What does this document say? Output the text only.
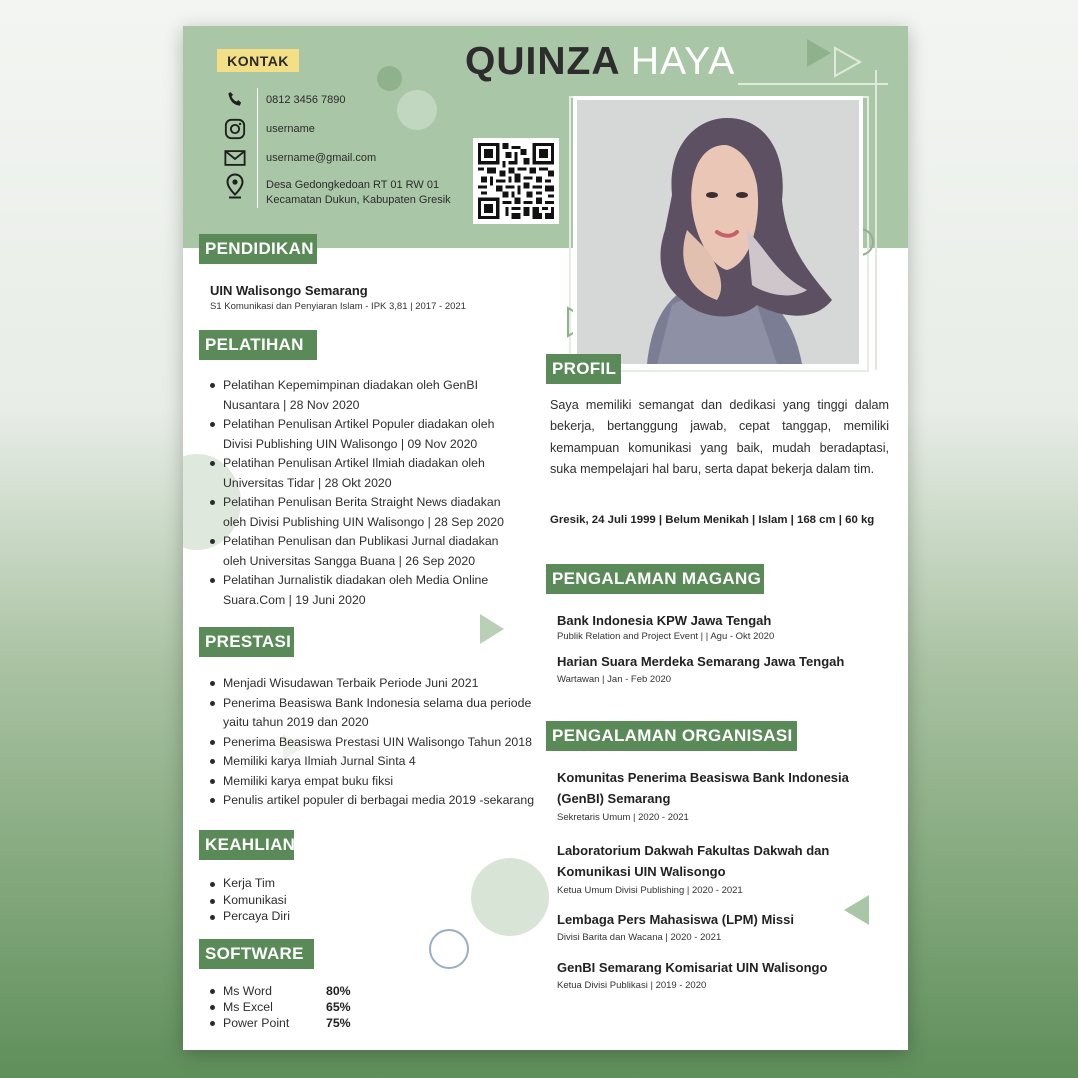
KONTAK	QUINZA HAYA
0812 3456 7890
username
username@gmail.com
Desa Gedongkedoan RT 01 RW 01
Kecamatan Dukun, Kabupaten Gresik
PENDIDIKAN
UIN Walisongo Semarang
S1 Komunikasi dan Penyiaran Islam - IPK 3,81 | 2017 - 2021
PELATIHAN
Pelatihan Kepemimpinan diadakan oleh GenBI
Nusantara | 28 Nov 2020
Pelatihan Penulisan Artikel Populer diadakan oleh
Divisi Publishing UIN Walisongo | 09 Nov 2020
Pelatihan Penulisan Artikel Ilmiah diadakan oleh
Universitas Tidar | 28 Okt 2020
Pelatihan Penulisan Berita Straight News diadakan
oleh Divisi Publishing UIN Walisongo | 28 Sep 2020
Pelatihan Penulisan dan Publikasi Jurnal diadakan
oleh Universitas Sangga Buana | 26 Sep 2020
Pelatihan Jurnalistik diadakan oleh Media Online
Suara.Com | 19 Juni 2020
PRESTASI
Menjadi Wisudawan Terbaik Periode Juni 2021
Penerima Beasiswa Bank Indonesia selama dua periode
yaitu tahun 2019 dan 2020
Penerima Beasiswa Prestasi UIN Walisongo Tahun 2018
Memiliki karya Ilmiah Jurnal Sinta 4
Memiliki karya empat buku fiksi
Penulis artikel populer di berbagai media 2019 -sekarang
KEAHLIAN
Kerja Tim
Komunikasi
Percaya Diri
SOFTWARE
Ms Word	80%
Ms Excel	65%
Power Point	75%
PROFIL
Saya memiliki semangat dan dedikasi yang tinggi dalam bekerja, bertanggung jawab, cepat tanggap, memiliki kemampuan komunikasi yang baik, mudah beradaptasi, suka mempelajari hal baru, serta dapat bekerja dalam tim.
Gresik, 24 Juli 1999 | Belum Menikah | Islam | 168 cm | 60 kg
PENGALAMAN MAGANG
Bank Indonesia KPW Jawa Tengah
Publik Relation and Project Event | | Agu - Okt 2020
Harian Suara Merdeka Semarang Jawa Tengah
Wartawan | Jan - Feb 2020
PENGALAMAN ORGANISASI
Komunitas Penerima Beasiswa Bank Indonesia (GenBI) Semarang
Sekretaris Umum | 2020 - 2021
Laboratorium Dakwah Fakultas Dakwah dan Komunikasi UIN Walisongo
Ketua Umum Divisi Publishing | 2020 - 2021
Lembaga Pers Mahasiswa (LPM) Missi
Divisi Barita dan Wacana | 2020 - 2021
GenBI Semarang Komisariat UIN Walisongo
Ketua Divisi Publikasi | 2019 - 2020
